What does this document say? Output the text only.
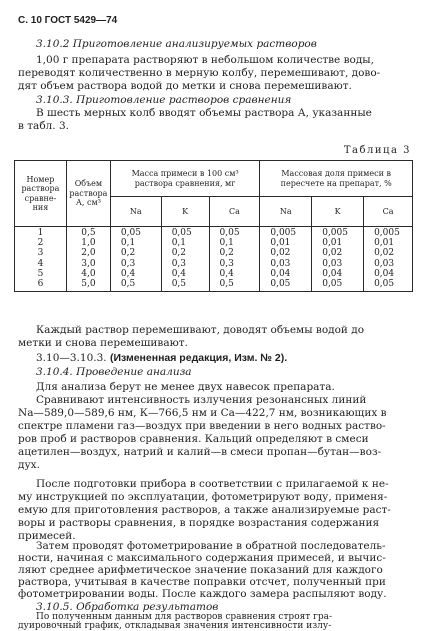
С. 10 ГОСТ 5429—74
3.10.2 Приготовление анализируемых растворов
1,00 г препарата растворяют в небольшом количестве воды,
переводят количественно в мерную колбу, перемешивают, дово-
дят объем раствора водой до метки и снова перемешивают.
3.10.3. Приготовление растворов сравнения
В шесть мерных колб вводят объемы раствора А, указанные
в табл. 3.
Таблица 3
Номер раствора сравне-ния	Объем раствора А, см³	Масса примеси в 100 см³ раствора сравнения, мг			Массовая доля примеси в пересчете на препарат, %		
		Na	K	Ca	Na	K	Ca
1	0,5	0,05	0,05	0,05	0,005	0,005	0,005
2	1,0	0,1	0,1	0,1	0,01	0,01	0,01
3	2,0	0,2	0,2	0,2	0,02	0,02	0,02
4	3,0	0,3	0,3	0,3	0,03	0,03	0,03
5	4,0	0,4	0,4	0,4	0,04	0,04	0,04
6	5,0	0,5	0,5	0,5	0,05	0,05	0,05
Каждый раствор перемешивают, доводят объемы водой до
метки и снова перемешивают.
3.10—3.10.3. (Измененная редакция, Изм. № 2).
3.10.4. Проведение анализа
Для анализа берут не менее двух навесок препарата.
Сравнивают интенсивность излучения резонансных линий
Na—589,0—589,6 нм, К—766,5 нм и Са—422,7 нм, возникающих в
спектре пламени газ—воздух при введении в него водных раство-
ров проб и растворов сравнения. Кальций определяют в смеси
ацетилен—воздух, натрий и калий—в смеси пропан—бутан—воз-
дух.
После подготовки прибора в соответствии с прилагаемой к не-
му инструкцией по эксплуатации, фотометрируют воду, применя-
емую для приготовления растворов, а также анализируемые раст-
воры и растворы сравнения, в порядке возрастания содержания
примесей.
Затем проводят фотометрирование в обратной последователь-
ности, начиная с максимального содержания примесей, и вычис-
ляют среднее арифметическое значение показаний для каждого
раствора, учитывая в качестве поправки отсчет, полученный при
фотометрировании воды. После каждого замера распыляют воду.
3.10.5. Обработка результатов
По полученным данным для растворов сравнения строят гра-
дуировочный график, откладывая значения интенсивности излу-
